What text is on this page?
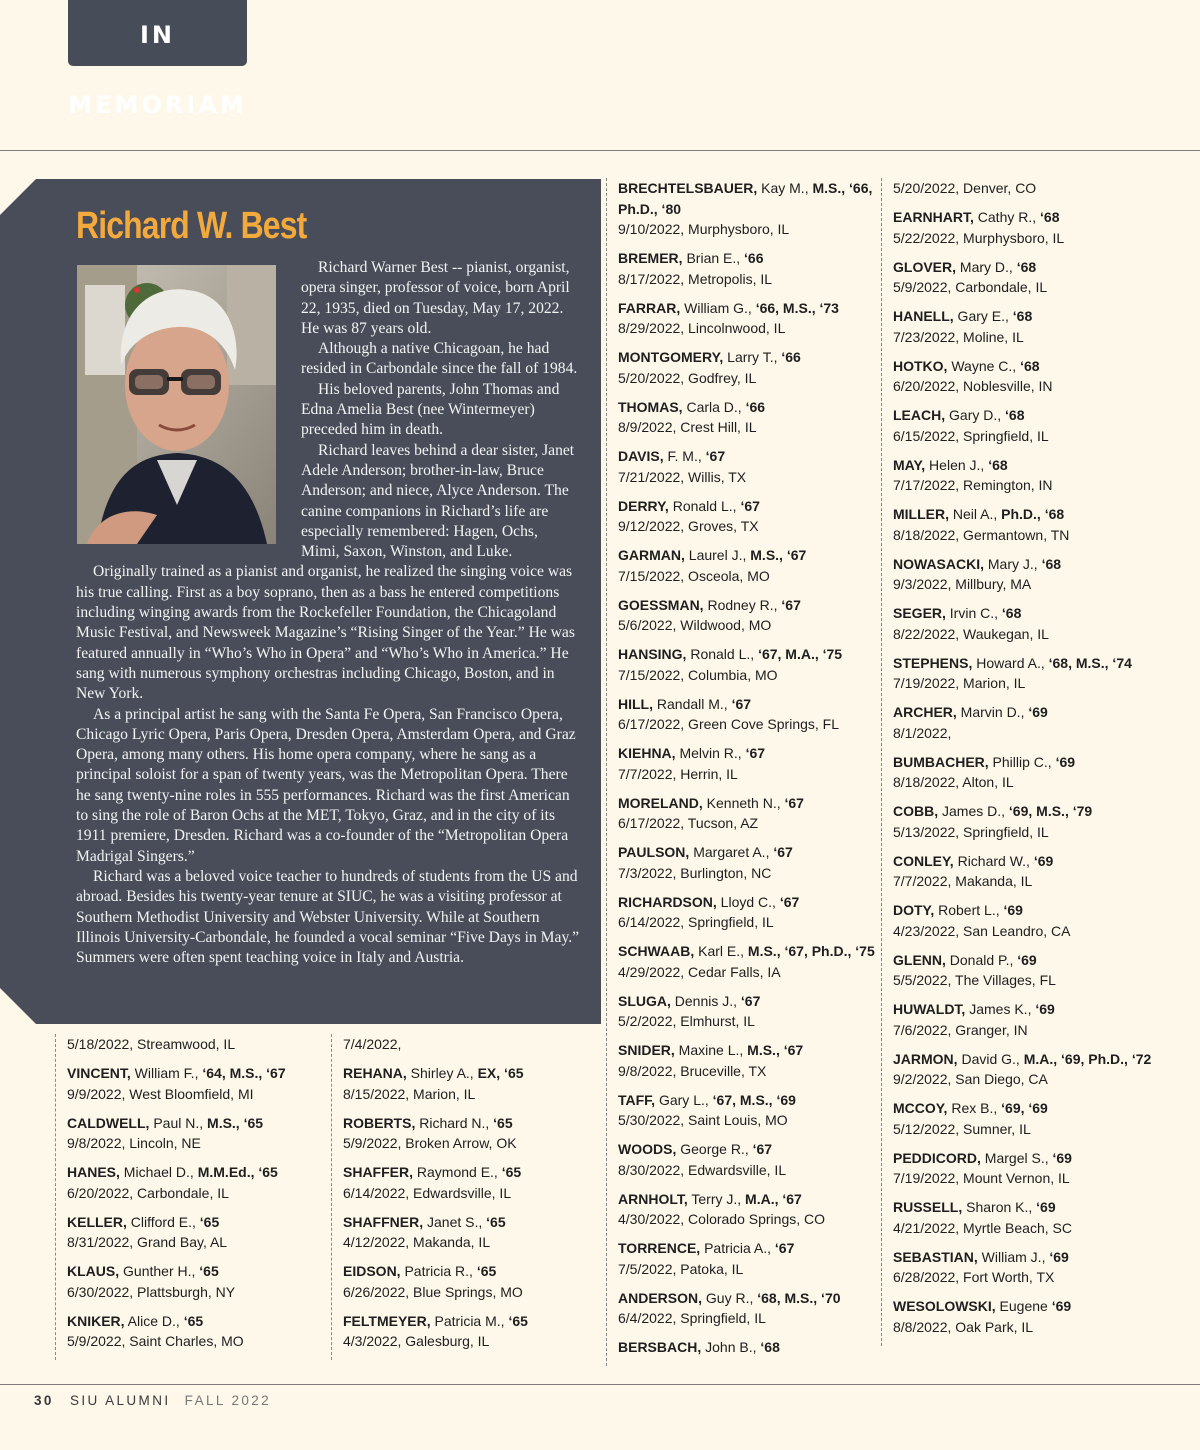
IN MEMORIAM
Richard W. Best

Richard Warner Best -- pianist, organist, opera singer, professor of voice, born April 22, 1935, died on Tuesday, May 17, 2022. He was 87 years old.

Although a native Chicagoan, he had resided in Carbondale since the fall of 1984.

His beloved parents, John Thomas and Edna Amelia Best (nee Wintermeyer) preceded him in death.

Richard leaves behind a dear sister, Janet Adele Anderson; brother-in-law, Bruce Anderson; and niece, Alyce Anderson. The canine companions in Richard’s life are especially remembered: Hagen, Ochs, Mimi, Saxon, Winston, and Luke.

Originally trained as a pianist and organist, he realized the singing voice was his true calling. First as a boy soprano, then as a bass he entered competitions including winging awards from the Rockefeller Foundation, the Chicagoland Music Festival, and Newsweek Magazine’s “Rising Singer of the Year.” He was featured annually in “Who’s Who in Opera” and “Who’s Who in America.” He sang with numerous symphony orchestras including Chicago, Boston, and in New York.

As a principal artist he sang with the Santa Fe Opera, San Francisco Opera, Chicago Lyric Opera, Paris Opera, Dresden Opera, Amsterdam Opera, and Graz Opera, among many others. His home opera company, where he sang as a principal soloist for a span of twenty years, was the Metropolitan Opera. There he sang twenty-nine roles in 555 performances. Richard was the first American to sing the role of Baron Ochs at the MET, Tokyo, Graz, and in the city of its 1911 premiere, Dresden. Richard was a co-founder of the “Metropolitan Opera Madrigal Singers.”

Richard was a beloved voice teacher to hundreds of students from the US and abroad. Besides his twenty-year tenure at SIUC, he was a visiting professor at Southern Methodist University and Webster University. While at Southern Illinois University-Carbondale, he founded a vocal seminar “Five Days in May.” Summers were often spent teaching voice in Italy and Austria.

5/18/2022, Streamwood, IL
VINCENT, William F., ‘64, M.S., ‘67
9/9/2022, West Bloomfield, MI
CALDWELL, Paul N., M.S., ‘65
9/8/2022, Lincoln, NE
HANES, Michael D., M.M.Ed., ‘65
6/20/2022, Carbondale, IL
KELLER, Clifford E., ‘65
8/31/2022, Grand Bay, AL
KLAUS, Gunther H., ‘65
6/30/2022, Plattsburgh, NY
KNIKER, Alice D., ‘65
5/9/2022, Saint Charles, MO
7/4/2022,
REHANA, Shirley A., EX, ‘65
8/15/2022, Marion, IL
ROBERTS, Richard N., ‘65
5/9/2022, Broken Arrow, OK
SHAFFER, Raymond E., ‘65
6/14/2022, Edwardsville, IL
SHAFFNER, Janet S., ‘65
4/12/2022, Makanda, IL
EIDSON, Patricia R., ‘65
6/26/2022, Blue Springs, MO
FELTMEYER, Patricia M., ‘65
4/3/2022, Galesburg, IL
BRECHTELSBAUER, Kay M., M.S., ‘66,
Ph.D., ‘80
9/10/2022, Murphysboro, IL
BREMER, Brian E., ‘66
8/17/2022, Metropolis, IL
FARRAR, William G., ‘66, M.S., ‘73
8/29/2022, Lincolnwood, IL
MONTGOMERY, Larry T., ‘66
5/20/2022, Godfrey, IL
THOMAS, Carla D., ‘66
8/9/2022, Crest Hill, IL
DAVIS, F. M., ‘67
7/21/2022, Willis, TX
DERRY, Ronald L., ‘67
9/12/2022, Groves, TX
GARMAN, Laurel J., M.S., ‘67
7/15/2022, Osceola, MO
GOESSMAN, Rodney R., ‘67
5/6/2022, Wildwood, MO
HANSING, Ronald L., ‘67, M.A., ‘75
7/15/2022, Columbia, MO
HILL, Randall M., ‘67
6/17/2022, Green Cove Springs, FL
KIEHNA, Melvin R., ‘67
7/7/2022, Herrin, IL
MORELAND, Kenneth N., ‘67
6/17/2022, Tucson, AZ
PAULSON, Margaret A., ‘67
7/3/2022, Burlington, NC
RICHARDSON, Lloyd C., ‘67
6/14/2022, Springfield, IL
SCHWAAB, Karl E., M.S., ‘67, Ph.D., ‘75
4/29/2022, Cedar Falls, IA
SLUGA, Dennis J., ‘67
5/2/2022, Elmhurst, IL
SNIDER, Maxine L., M.S., ‘67
9/8/2022, Bruceville, TX
TAFF, Gary L., ‘67, M.S., ‘69
5/30/2022, Saint Louis, MO
WOODS, George R., ‘67
8/30/2022, Edwardsville, IL
ARNHOLT, Terry J., M.A., ‘67
4/30/2022, Colorado Springs, CO
TORRENCE, Patricia A., ‘67
7/5/2022, Patoka, IL
ANDERSON, Guy R., ‘68, M.S., ‘70
6/4/2022, Springfield, IL
BERSBACH, John B., ‘68
5/20/2022, Denver, CO
EARNHART, Cathy R., ‘68
5/22/2022, Murphysboro, IL
GLOVER, Mary D., ‘68
5/9/2022, Carbondale, IL
HANELL, Gary E., ‘68
7/23/2022, Moline, IL
HOTKO, Wayne C., ‘68
6/20/2022, Noblesville, IN
LEACH, Gary D., ‘68
6/15/2022, Springfield, IL
MAY, Helen J., ‘68
7/17/2022, Remington, IN
MILLER, Neil A., Ph.D., ‘68
8/18/2022, Germantown, TN
NOWASACKI, Mary J., ‘68
9/3/2022, Millbury, MA
SEGER, Irvin C., ‘68
8/22/2022, Waukegan, IL
STEPHENS, Howard A., ‘68, M.S., ‘74
7/19/2022, Marion, IL
ARCHER, Marvin D., ‘69
8/1/2022,
BUMBACHER, Phillip C., ‘69
8/18/2022, Alton, IL
COBB, James D., ‘69, M.S., ‘79
5/13/2022, Springfield, IL
CONLEY, Richard W., ‘69
7/7/2022, Makanda, IL
DOTY, Robert L., ‘69
4/23/2022, San Leandro, CA
GLENN, Donald P., ‘69
5/5/2022, The Villages, FL
HUWALDT, James K., ‘69
7/6/2022, Granger, IN
JARMON, David G., M.A., ‘69, Ph.D., ‘72
9/2/2022, San Diego, CA
MCCOY, Rex B., ‘69, ‘69
5/12/2022, Sumner, IL
PEDDICORD, Margel S., ‘69
7/19/2022, Mount Vernon, IL
RUSSELL, Sharon K., ‘69
4/21/2022, Myrtle Beach, SC
SEBASTIAN, William J., ‘69
6/28/2022, Fort Worth, TX
WESOLOWSKI, Eugene ‘69
8/8/2022, Oak Park, IL
30 SIU ALUMNI FALL 2022
